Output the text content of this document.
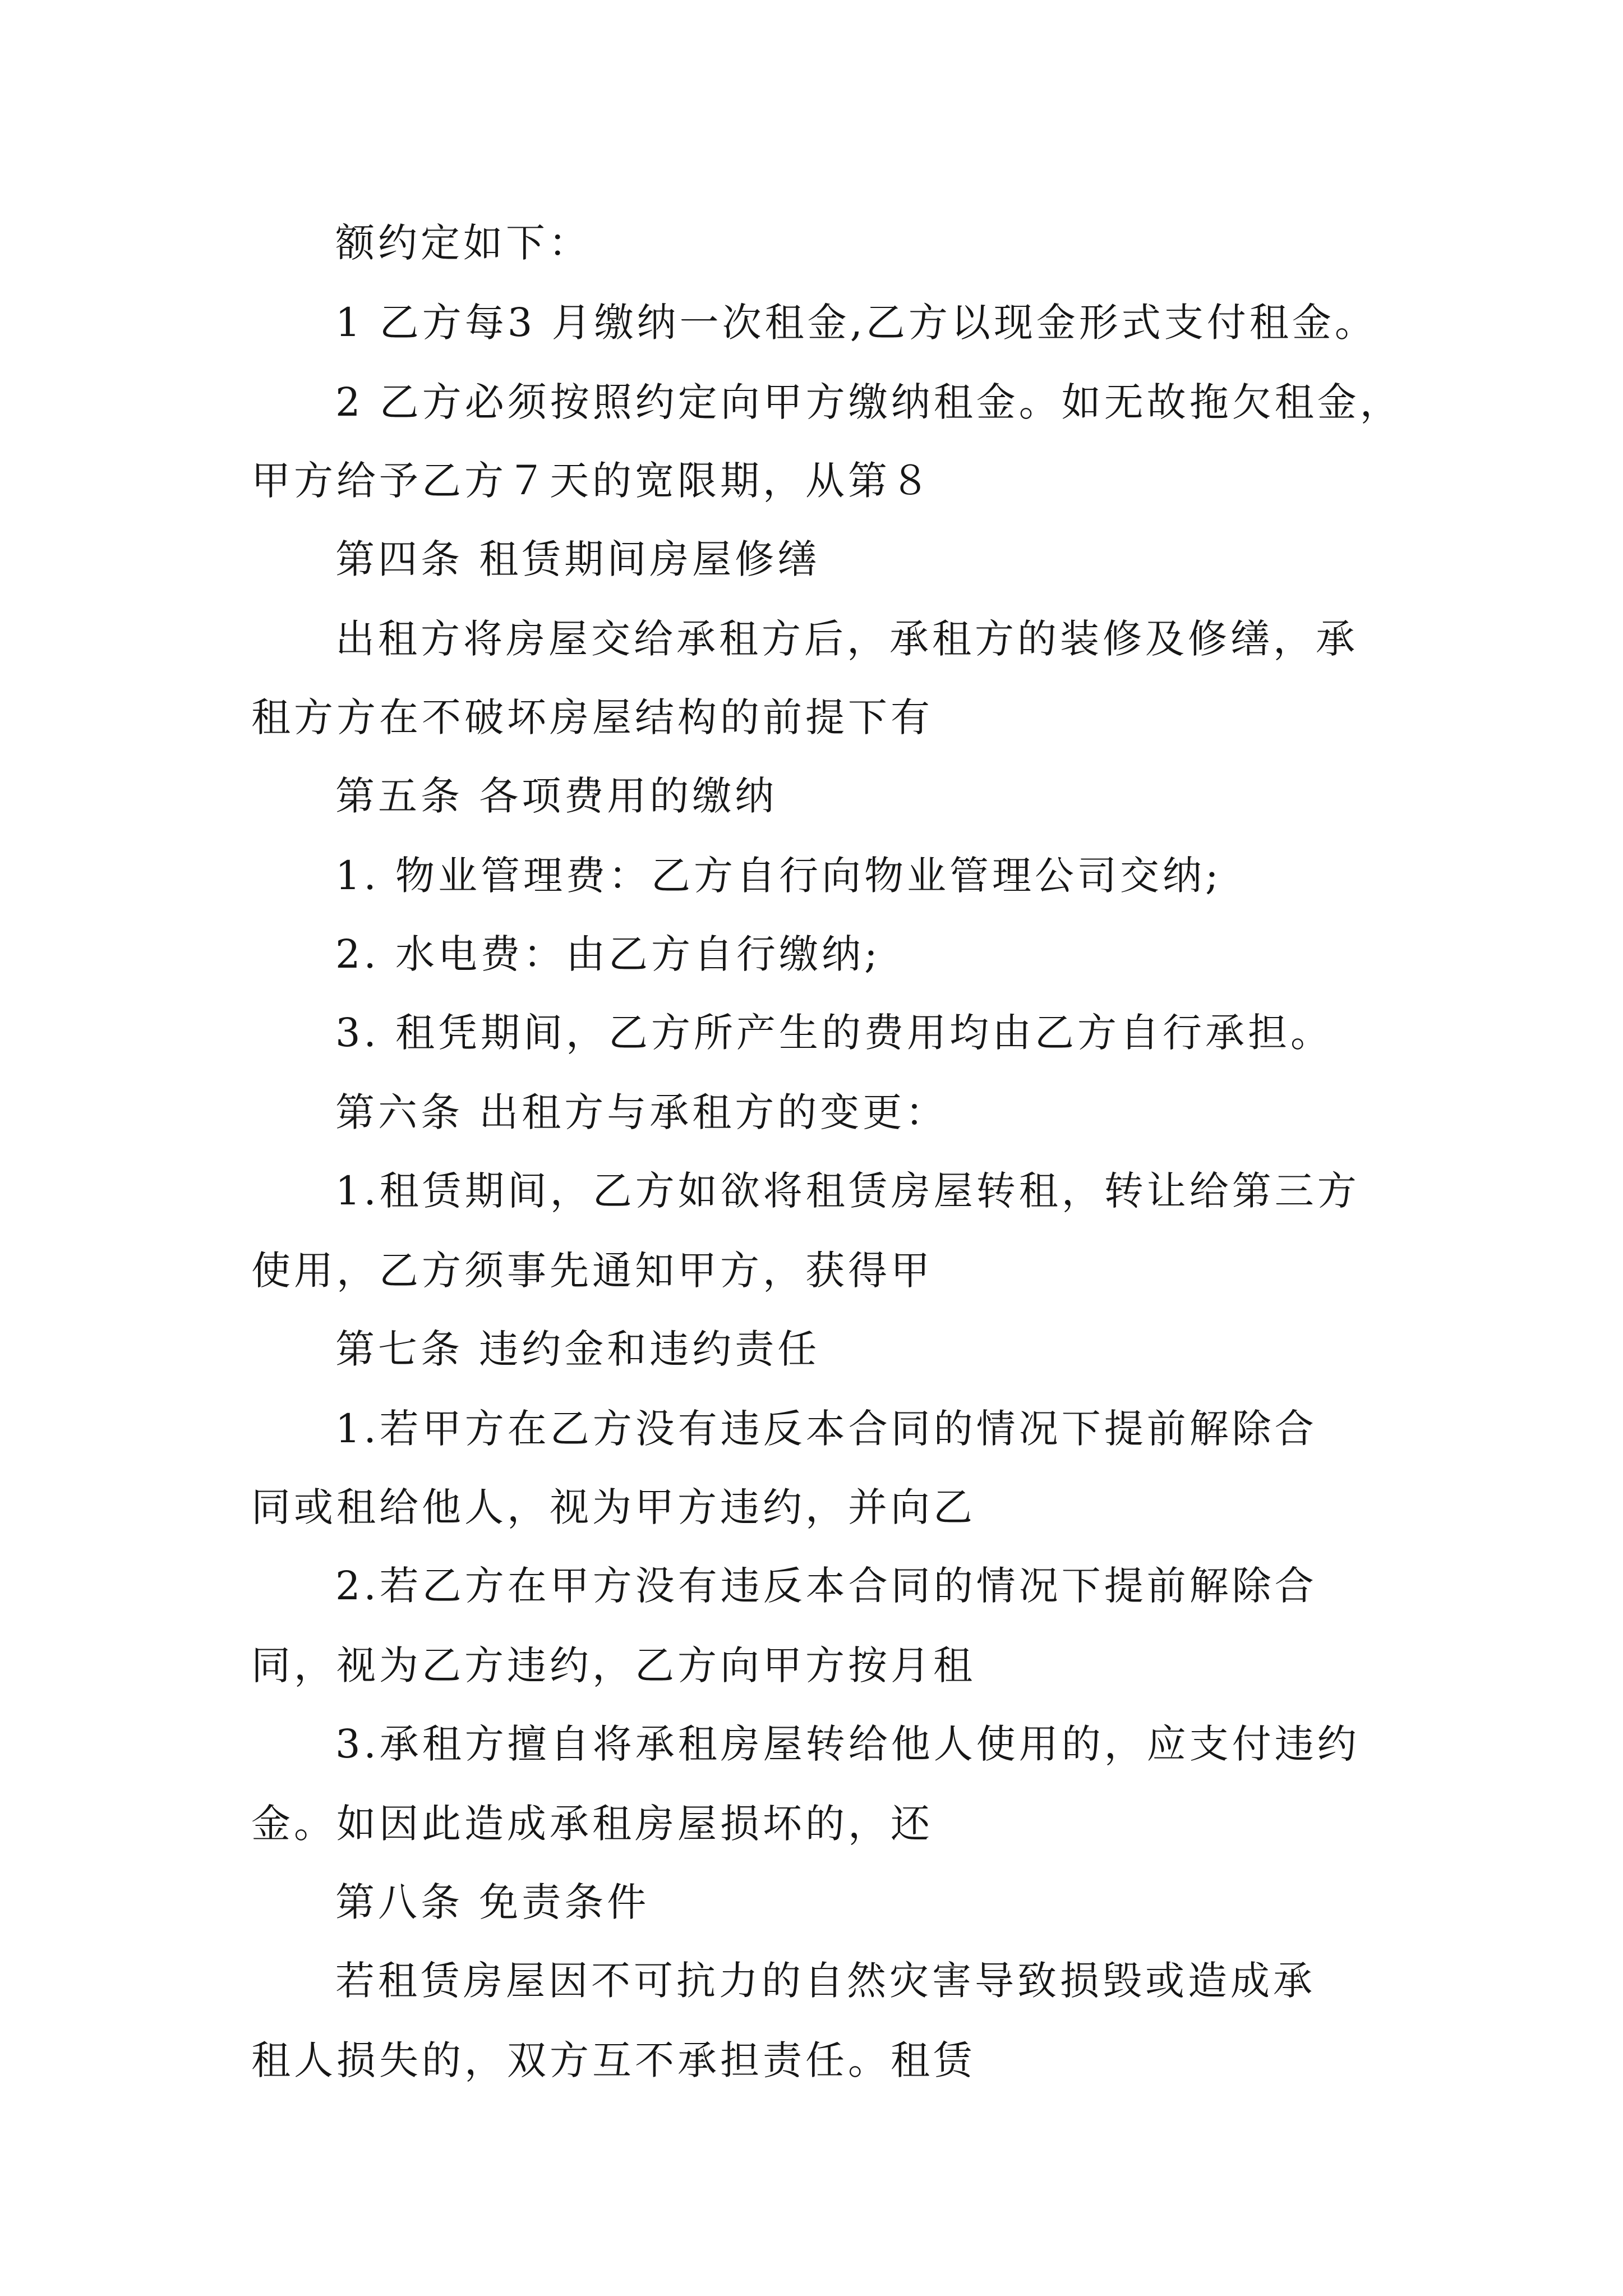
额约定如下：

1 乙方每3 月缴纳一次租金,乙方以现金形式支付租金。

2 乙方必须按照约定向甲方缴纳租金。如无故拖欠租金，

甲方给予乙方７天的宽限期，从第８

第四条 租赁期间房屋修缮

出租方将房屋交给承租方后，承租方的装修及修缮，承

租方方在不破坏房屋结构的前提下有

第五条 各项费用的缴纳

1. 物业管理费：乙方自行向物业管理公司交纳;

2. 水电费：由乙方自行缴纳;

3. 租凭期间，乙方所产生的费用均由乙方自行承担。

第六条 出租方与承租方的变更：

1.租赁期间，乙方如欲将租赁房屋转租，转让给第三方

使用，乙方须事先通知甲方，获得甲

第七条 违约金和违约责任

1.若甲方在乙方没有违反本合同的情况下提前解除合

同或租给他人，视为甲方违约，并向乙

2.若乙方在甲方没有违反本合同的情况下提前解除合

同，视为乙方违约，乙方向甲方按月租

3.承租方擅自将承租房屋转给他人使用的，应支付违约

金。如因此造成承租房屋损坏的，还

第八条 免责条件

若租赁房屋因不可抗力的自然灾害导致损毁或造成承

租人损失的，双方互不承担责任。租赁
